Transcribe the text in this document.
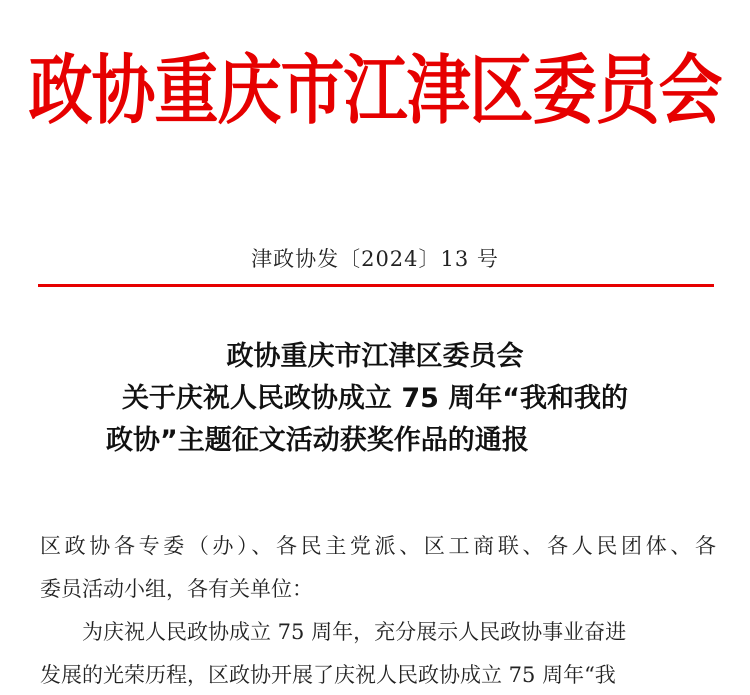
政协重庆市江津区委员会
津政协发〔2024〕13 号
政协重庆市江津区委员会
关于庆祝人民政协成立 75 周年“我和我的
政协”主题征文活动获奖作品的通报

区政协各专委（办）、各民主党派、区工商联、各人民团体、各

委员活动小组，各有关单位：

为庆祝人民政协成立 75 周年，充分展示人民政协事业奋进

发展的光荣历程，区政协开展了庆祝人民政协成立 75 周年“我
